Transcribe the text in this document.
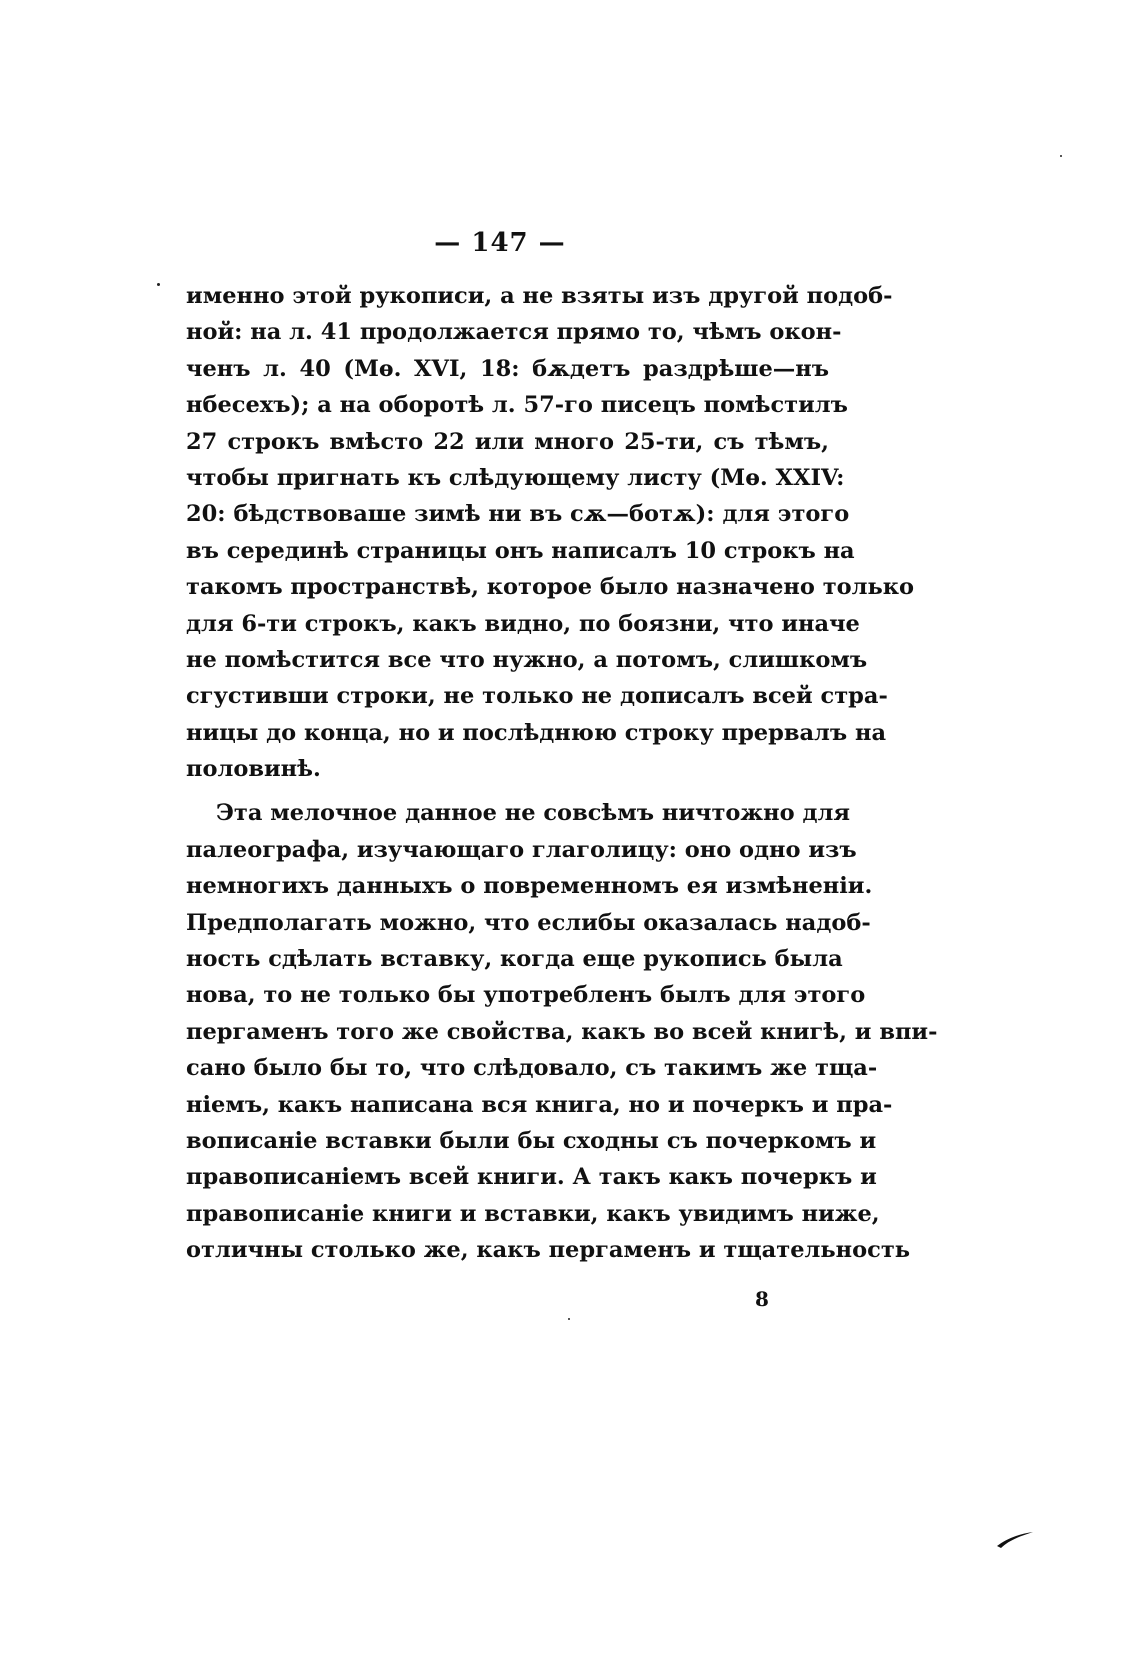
— 147 —
именно этой рукописи, а не взяты изъ другой подоб-
ной: на л. 41 продолжается прямо то, чѣмъ окон-
ченъ л. 40 (Мѳ. XVI, 18: бѫдетъ раздрѣше—нъ
нбесехъ); а на оборотѣ л. 57-го писецъ помѣстилъ
27 строкъ вмѣсто 22 или много 25-ти, съ тѣмъ,
чтобы пригнать къ слѣдующему листу (Мѳ. XXIV:
20: бѣдствоваше зимѣ ни въ сѫ—ботѫ): для этого
въ серединѣ страницы онъ написалъ 10 строкъ на
такомъ пространствѣ, которое было назначено только
для 6-ти строкъ, какъ видно, по боязни, что иначе
не помѣстится все что нужно, а потомъ, слишкомъ
сгустивши строки, не только не дописалъ всей стра-
ницы до конца, но и послѣднюю строку прервалъ на
половинѣ.
Эта мелочное данное не совсѣмъ ничтожно для
палеографа, изучающаго глаголицу: оно одно изъ
немногихъ данныхъ о повременномъ ея измѣненіи.
Предполагать можно, что еслибы оказалась надоб-
ность сдѣлать вставку, когда еще рукопись была
нова, то не только бы употребленъ былъ для этого
пергаменъ того же свойства, какъ во всей книгѣ, и впи-
сано было бы то, что слѣдовало, съ такимъ же тща-
ніемъ, какъ написана вся книга, но и почеркъ и пра-
вописаніе вставки были бы сходны съ почеркомъ и
правописаніемъ всей книги. А такъ какъ почеркъ и
правописаніе книги и вставки, какъ увидимъ ниже,
отличны столько же, какъ пергаменъ и тщательность
8
